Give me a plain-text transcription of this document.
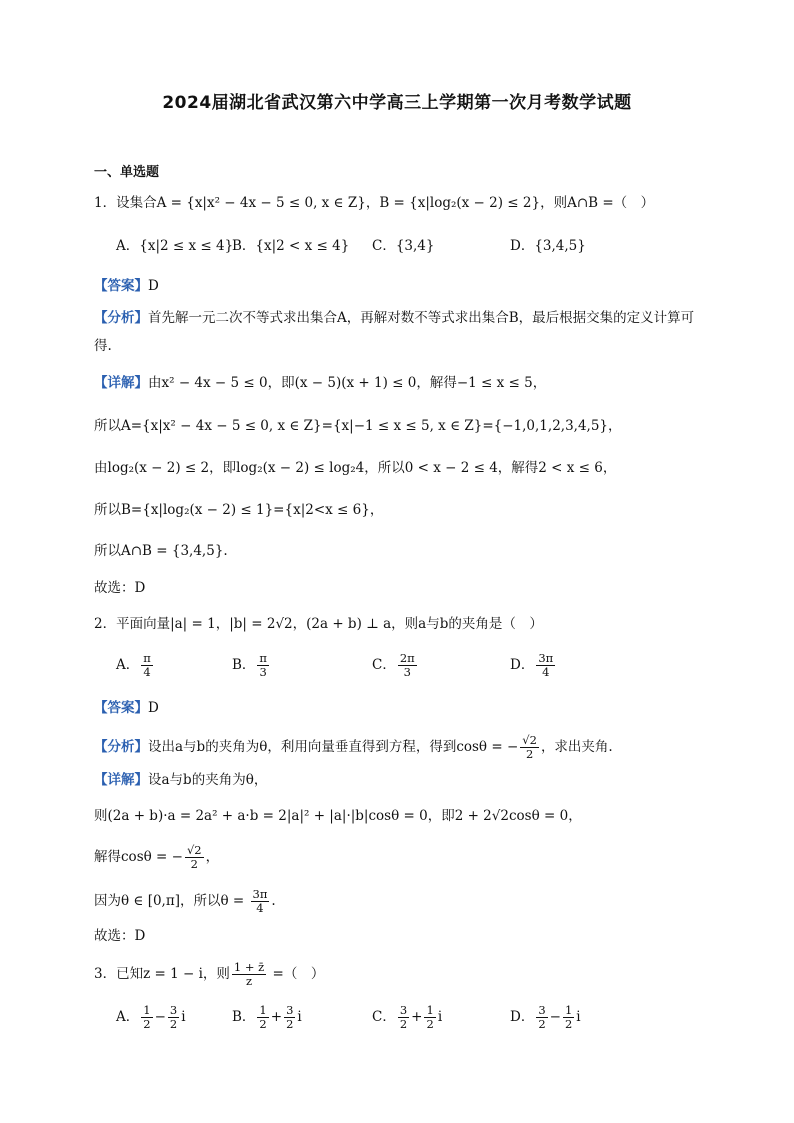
2024届湖北省武汉第六中学高三上学期第一次月考数学试题
一、单选题
1．设集合A = {x|x² − 4x − 5 ≤ 0, x ∈ Z}，B = {x|log₂(x − 2) ≤ 2}，则A∩B =（　）
A．{x|2 ≤ x ≤ 4}
B．{x|2 < x ≤ 4} C．{3,4}	D．{3,4,5}
【答案】D
【分析】首先解一元二次不等式求出集合A，再解对数不等式求出集合B，最后根据交集的定义计算可得.
【详解】由x² − 4x − 5 ≤ 0，即(x − 5)(x + 1) ≤ 0，解得−1 ≤ x ≤ 5，
所以A={x|x² − 4x − 5 ≤ 0, x ∈ Z}={x|−1 ≤ x ≤ 5, x ∈ Z}={−1,0,1,2,3,4,5}，
由log₂(x − 2) ≤ 2，即log₂(x − 2) ≤ log₂4，所以0 < x − 2 ≤ 4，解得2 < x ≤ 6，
所以B={x|log₂(x − 2) ≤ 1}={x|2<x ≤ 6}，
所以A∩B = {3,4,5}.
故选：D
2．平面向量|a| = 1，|b| = 2√2，(2a + b) ⊥ a，则a与b的夹角是（　）
A． $\frac{\pi}{4}$	B． $\frac{\pi}{3}$	C． $\frac{2\pi}{3}$	D． $\frac{3\pi}{4}$
【答案】D
【分析】设出a与b的夹角为θ，利用向量垂直得到方程，得到cosθ = − $\frac{√2}{2}$ ，求出夹角.
【详解】设a与b的夹角为θ，
则(2a + b)·a = 2a² + a·b = 2|a|² + |a|·|b|cosθ = 0，即2 + 2√2cosθ = 0，
解得cosθ = − $\frac{√2}{2}$ ，
因为θ ∈ [0,π]，所以$\theta = \frac{3\pi}{4}$ .
故选：D
3．已知z = 1 − i，则 $\frac{1 + z̄}{z}$ =（　）
A． $\frac{1}{2} - \frac{3}{2}$ i	B． $\frac{1}{2} + \frac{3}{2}$ i	C． $\frac{3}{2} + \frac{1}{2}$ i	D． $\frac{3}{2} - \frac{1}{2}$ i
